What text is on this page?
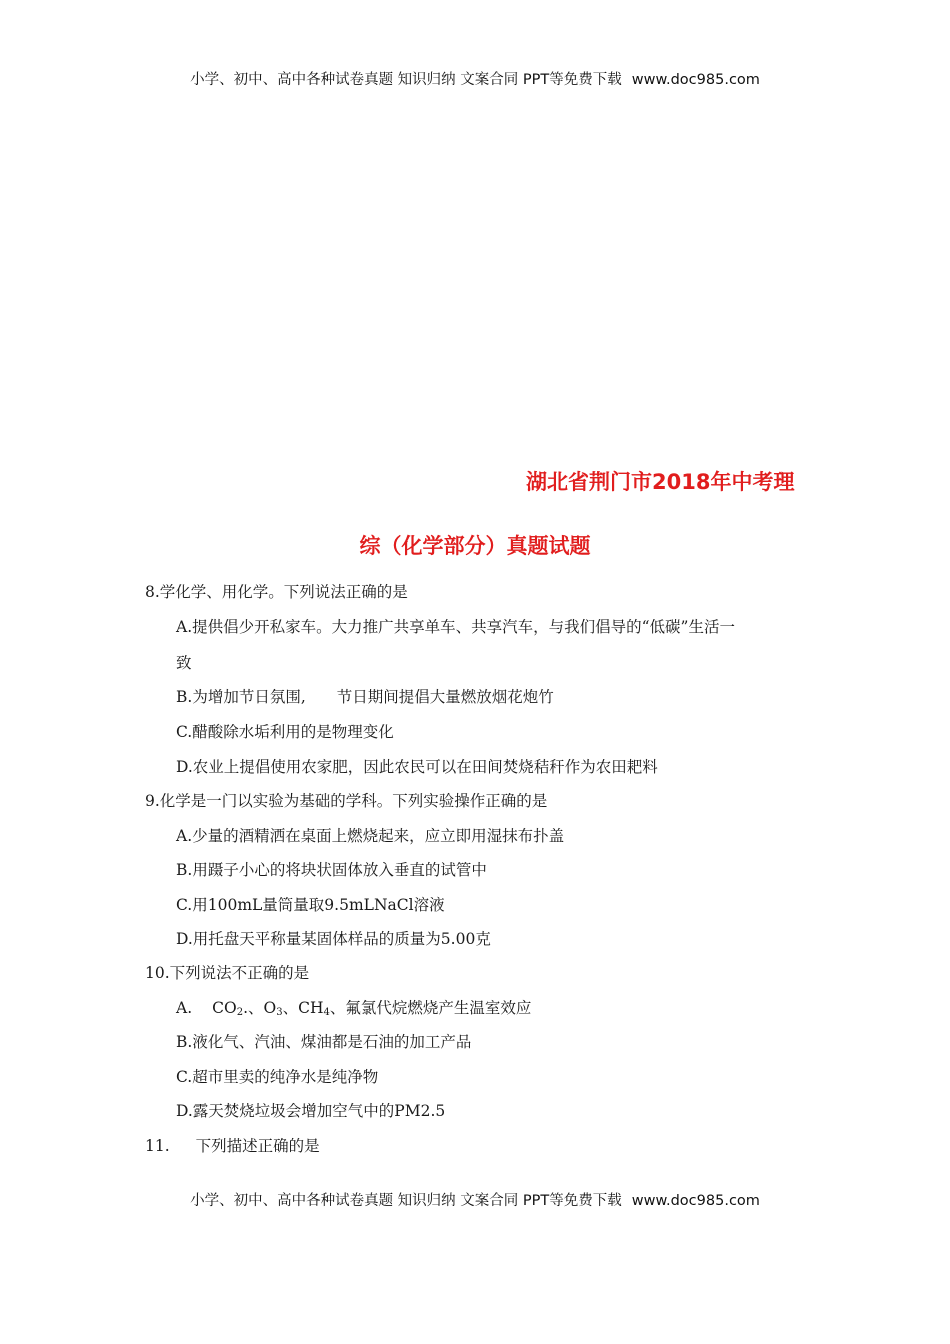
小学、初中、高中各种试卷真题 知识归纳 文案合同 PPT等免费下载 www.doc985.com
湖北省荆门市2018年中考理
综（化学部分）真题试题
8.学化学、用化学。下列说法正确的是
A.提供倡少开私家车。大力推广共享单车、共享汽车，与我们倡导的“低碳”生活一
致
B.为增加节日氛围,　　节日期间提倡大量燃放烟花炮竹
C.醋酸除水垢利用的是物理变化
D.农业上提倡使用农家肥，因此农民可以在田间焚烧秸秆作为农田耙料
9.化学是一门以实验为基础的学科。下列实验操作正确的是
A.少量的酒精洒在桌面上燃烧起来，应立即用湿抹布扑盖
B.用蹑子小心的将块状固体放入垂直的试管中
C.用100mL量筒量取9.5mLNaCl溶液
D.用托盘天平称量某固体样品的质量为5.00克
10.下列说法不正确的是
A. $CO_2$.、$O_3$、$CH_4$、氟氯代烷燃烧产生温室效应
B.液化气、汽油、煤油都是石油的加工产品
C.超市里卖的纯净水是纯净物
D.露天焚烧垃圾会增加空气中的PM2.5
11. 下列描述正确的是
小学、初中、高中各种试卷真题 知识归纳 文案合同 PPT等免费下载 www.doc985.com
